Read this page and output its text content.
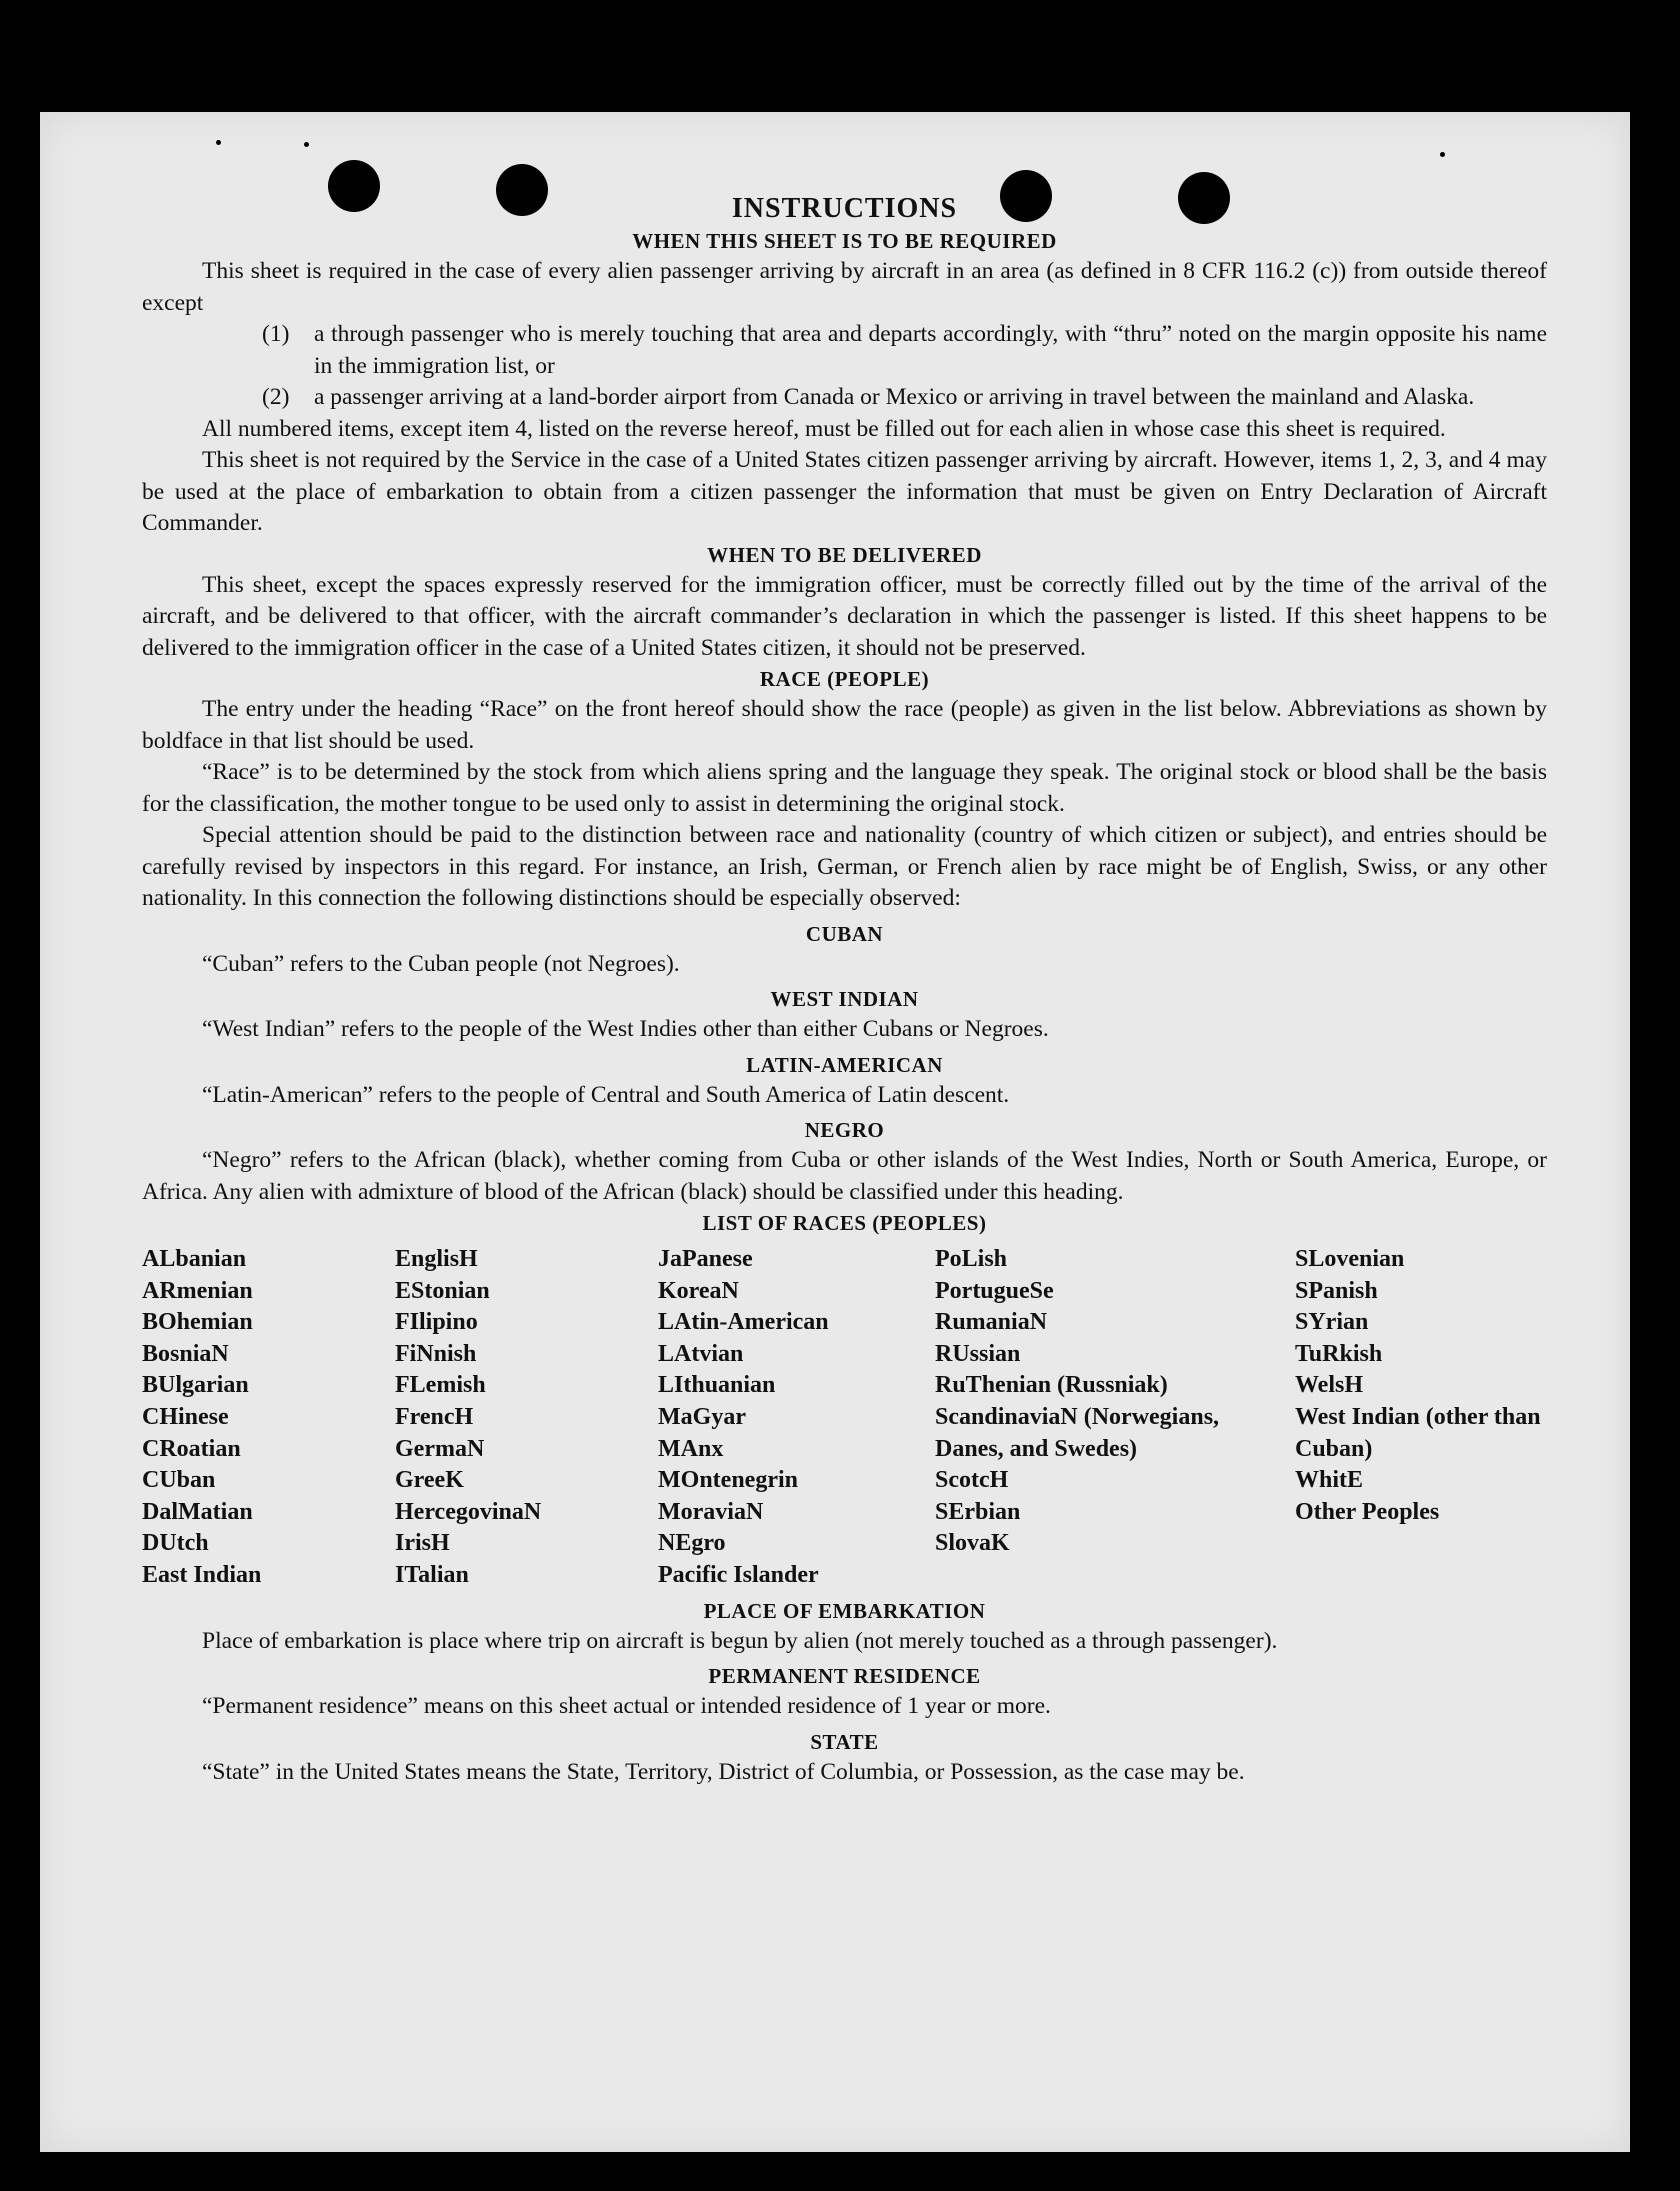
INSTRUCTIONS
WHEN THIS SHEET IS TO BE REQUIRED

This sheet is required in the case of every alien passenger arriving by aircraft in an area (as defined in 8 CFR 116.2 (c)) from outside thereof except

(1)	a through passenger who is merely touching that area and departs accordingly, with “thru” noted on the margin opposite his name in the immigration list, or
(2)	a passenger arriving at a land-border airport from Canada or Mexico or arriving in travel between the mainland and Alaska.

All numbered items, except item 4, listed on the reverse hereof, must be filled out for each alien in whose case this sheet is required.

This sheet is not required by the Service in the case of a United States citizen passenger arriving by aircraft. However, items 1, 2, 3, and 4 may be used at the place of embarkation to obtain from a citizen passenger the information that must be given on Entry Declaration of Aircraft Commander.

WHEN TO BE DELIVERED

This sheet, except the spaces expressly reserved for the immigration officer, must be correctly filled out by the time of the arrival of the aircraft, and be delivered to that officer, with the aircraft commander’s declaration in which the passenger is listed. If this sheet happens to be delivered to the immigration officer in the case of a United States citizen, it should not be preserved.

RACE (PEOPLE)

The entry under the heading “Race” on the front hereof should show the race (people) as given in the list below. Abbreviations as shown by boldface in that list should be used.

“Race” is to be determined by the stock from which aliens spring and the language they speak. The original stock or blood shall be the basis for the classification, the mother tongue to be used only to assist in determining the original stock.

Special attention should be paid to the distinction between race and nationality (country of which citizen or subject), and entries should be carefully revised by inspectors in this regard. For instance, an Irish, German, or French alien by race might be of English, Swiss, or any other nationality. In this connection the following distinctions should be especially observed:

CUBAN

“Cuban” refers to the Cuban people (not Negroes).

WEST INDIAN

“West Indian” refers to the people of the West Indies other than either Cubans or Negroes.

LATIN-AMERICAN

“Latin-American” refers to the people of Central and South America of Latin descent.

NEGRO

“Negro” refers to the African (black), whether coming from Cuba or other islands of the West Indies, North or South America, Europe, or Africa. Any alien with admixture of blood of the African (black) should be classified under this heading.

LIST OF RACES (PEOPLES)
ALbanian
ARmenian
BOhemian
BosniaN
BUlgarian
CHinese
CRoatian
CUban
DalMatian
DUtch
East Indian
EnglisH
EStonian
FIlipino
FiNnish
FLemish
FrencH
GermaN
GreeK
HercegovinaN
IrisH
ITalian
JaPanese
KoreaN
LAtin-American
LAtvian
LIthuanian
MaGyar
MAnx
MOntenegrin
MoraviaN
NEgro
Pacific Islander
PoLish
PortugueSe
RumaniaN
RUssian
RuThenian (Russniak)
ScandinaviaN (Norwegians, Danes, and Swedes)
ScotcH
SErbian
SlovaK
SLovenian
SPanish
SYrian
TuRkish
WelsH
West Indian (other than Cuban)
WhitE
Other Peoples
PLACE OF EMBARKATION

Place of embarkation is place where trip on aircraft is begun by alien (not merely touched as a through passenger).

PERMANENT RESIDENCE

“Permanent residence” means on this sheet actual or intended residence of 1 year or more.

STATE

“State” in the United States means the State, Territory, District of Columbia, or Possession, as the case may be.
